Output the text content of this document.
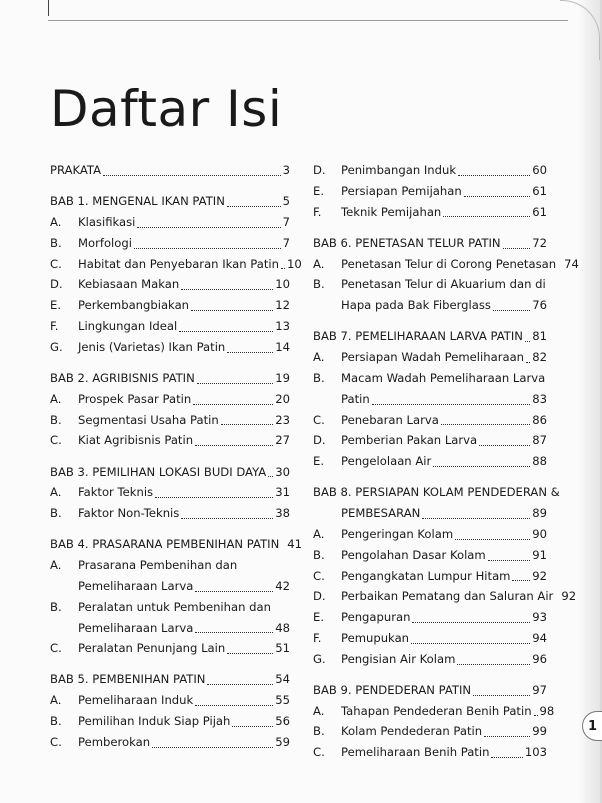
Daftar Isi
PRAKATA	3
BAB 1. MENGENAL IKAN PATIN	5
A.	Klasifikasi	7
B.	Morfologi	7
C.	Habitat dan Penyebaran Ikan Patin 10
D.	Kebiasaan Makan	10
E.	Perkembangbiakan	12
F.	Lingkungan Ideal	13
G.	Jenis (Varietas) Ikan Patin	14
BAB 2. AGRIBISNIS PATIN	19
A.	Prospek Pasar Patin	20
B.	Segmentasi Usaha Patin	23
C.	Kiat Agribisnis Patin	27
BAB 3. PEMILIHAN LOKASI BUDI DAYA 30
A.	Faktor Teknis	31
B.	Faktor Non-Teknis	38
BAB 4. PRASARANA PEMBENIHAN PATIN 41
A.	Prasarana Pembenihan dan
Pemeliharaan Larva	42
B.	Peralatan untuk Pembenihan dan
Pemeliharaan Larva	48
C.	Peralatan Penunjang Lain	51
BAB 5. PEMBENIHAN PATIN	54
A.	Pemeliharaan Induk	55
B.	Pemilihan Induk Siap Pijah	56
C.	Pemberokan	59
D.	Penimbangan Induk	60
E.	Persiapan Pemijahan	61
F.	Teknik Pemijahan	61
BAB 6. PENETASAN TELUR PATIN	72
A.	Penetasan Telur di Corong Penetasan 74
B.	Penetasan Telur di Akuarium dan di
Hapa pada Bak Fiberglass	76
BAB 7. PEMELIHARAAN LARVA PATIN 81
A.	Persiapan Wadah Pemeliharaan 82
B.	Macam Wadah Pemeliharaan Larva
Patin	83
C.	Penebaran Larva	86
D.	Pemberian Pakan Larva	87
E.	Pengelolaan Air	88
BAB 8. PERSIAPAN KOLAM PENDEDERAN &
PEMBESARAN	89
A.	Pengeringan Kolam	90
B.	Pengolahan Dasar Kolam	91
C.	Pengangkatan Lumpur Hitam 92
D.	Perbaikan Pematang dan Saluran Air 92
E.	Pengapuran	93
F.	Pemupukan	94
G.	Pengisian Air Kolam	96
BAB 9. PENDEDERAN PATIN	97
A.	Tahapan Pendederan Benih Patin 98
B.	Kolam Pendederan Patin	99
C.	Pemeliharaan Benih Patin	103
1
